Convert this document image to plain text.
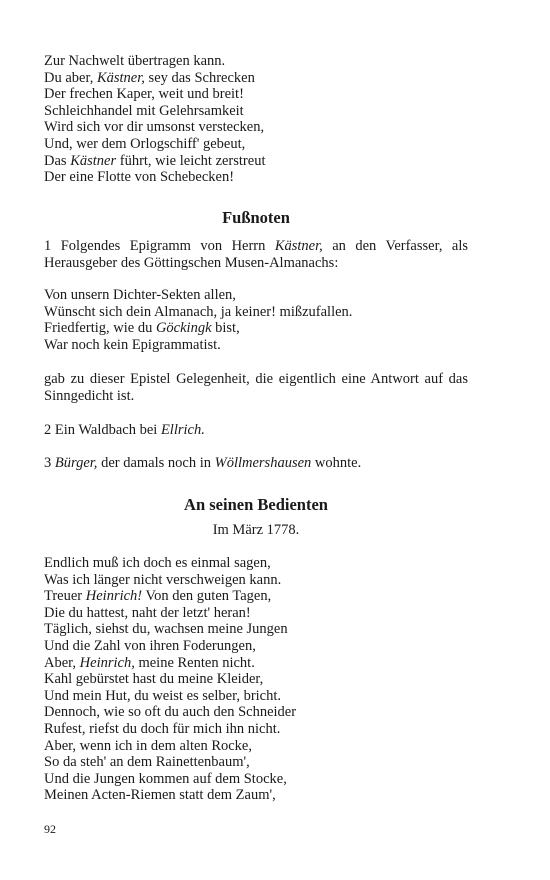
Zur Nachwelt übertragen kann.
Du aber, Kästner, sey das Schrecken
Der frechen Kaper, weit und breit!
Schleichhandel mit Gelehrsamkeit
Wird sich vor dir umsonst verstecken,
Und, wer dem Orlogschiff' gebeut,
Das Kästner führt, wie leicht zerstreut
Der eine Flotte von Schebecken!
Fußnoten

1 Folgendes Epigramm von Herrn Kästner, an den Verfasser, als Herausgeber des Göttingschen Musen-Almanachs:

Von unsern Dichter-Sekten allen,
Wünscht sich dein Almanach, ja keiner! mißzufallen.
Friedfertig, wie du Göckingk bist,
War noch kein Epigrammatist.

gab zu dieser Epistel Gelegenheit, die eigentlich eine Antwort auf das Sinngedicht ist.

2 Ein Waldbach bei Ellrich.

3 Bürger, der damals noch in Wöllmershausen wohnte.

An seinen Bedienten
Im März 1778.
Endlich muß ich doch es einmal sagen,
Was ich länger nicht verschweigen kann.
Treuer Heinrich! Von den guten Tagen,
Die du hattest, naht der letzt' heran!
Täglich, siehst du, wachsen meine Jungen
Und die Zahl von ihren Foderungen,
Aber, Heinrich, meine Renten nicht.
Kahl gebürstet hast du meine Kleider,
Und mein Hut, du weist es selber, bricht.
Dennoch, wie so oft du auch den Schneider
Rufest, riefst du doch für mich ihn nicht.
Aber, wenn ich in dem alten Rocke,
So da steh' an dem Rainettenbaum',
Und die Jungen kommen auf dem Stocke,
Meinen Acten-Riemen statt dem Zaum',
92
